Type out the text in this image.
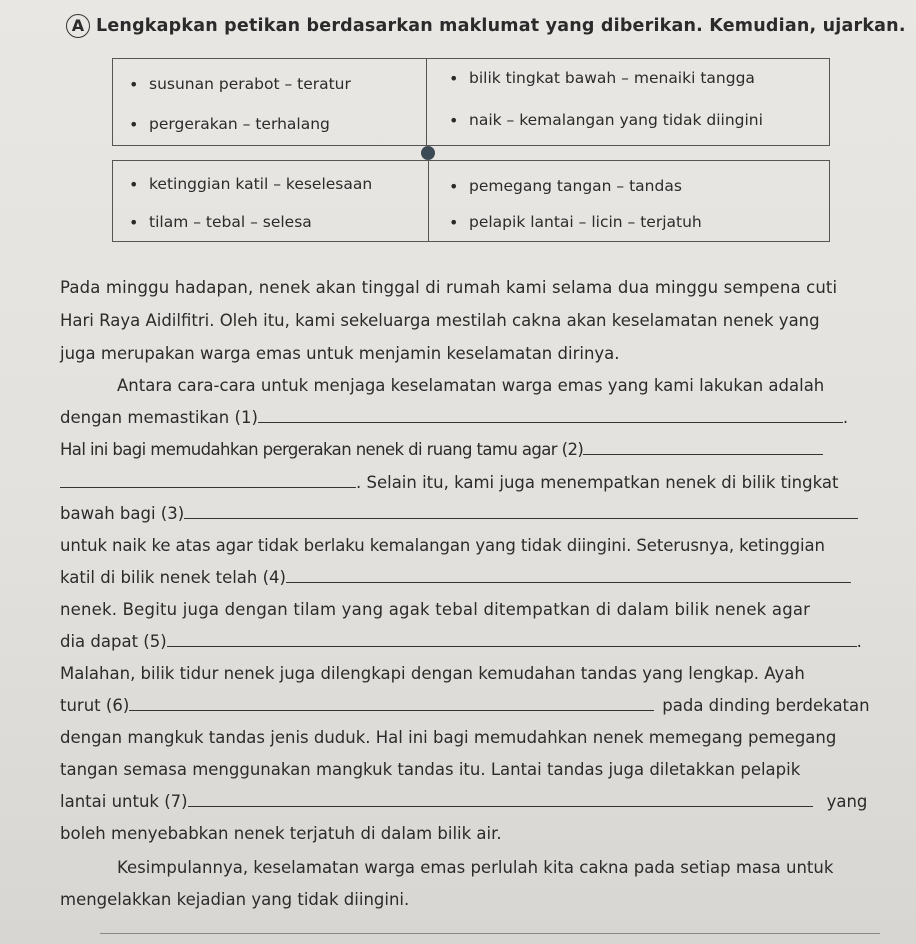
A Lengkapkan petikan berdasarkan maklumat yang diberikan. Kemudian, ujarkan.
• susunan perabot – teratur
• pergerakan – terhalang
• bilik tingkat bawah – menaiki tangga
• naik – kemalangan yang tidak diingini
• ketinggian katil – keselesaan
• tilam – tebal – selesa
• pemegang tangan – tandas
• pelapik lantai – licin – terjatuh
Pada minggu hadapan, nenek akan tinggal di rumah kami selama dua minggu sempena cuti
Hari Raya Aidilfitri. Oleh itu, kami sekeluarga mestilah cakna akan keselamatan nenek yang
juga merupakan warga emas untuk menjamin keselamatan dirinya.
Antara cara-cara untuk menjaga keselamatan warga emas yang kami lakukan adalah
dengan memastikan (1)	.
Hal ini bagi memudahkan pergerakan nenek di ruang tamu agar (2)
. Selain itu, kami juga menempatkan nenek di bilik tingkat
bawah bagi (3)
untuk naik ke atas agar tidak berlaku kemalangan yang tidak diingini. Seterusnya, ketinggian
katil di bilik nenek telah (4)
nenek. Begitu juga dengan tilam yang agak tebal ditempatkan di dalam bilik nenek agar
dia dapat (5)	.
Malahan, bilik tidur nenek juga dilengkapi dengan kemudahan tandas yang lengkap. Ayah
turut (6)	pada dinding berdekatan
dengan mangkuk tandas jenis duduk. Hal ini bagi memudahkan nenek memegang pemegang
tangan semasa menggunakan mangkuk tandas itu. Lantai tandas juga diletakkan pelapik
lantai untuk (7)	yang
boleh menyebabkan nenek terjatuh di dalam bilik air.
Kesimpulannya, keselamatan warga emas perlulah kita cakna pada setiap masa untuk
mengelakkan kejadian yang tidak diingini.
